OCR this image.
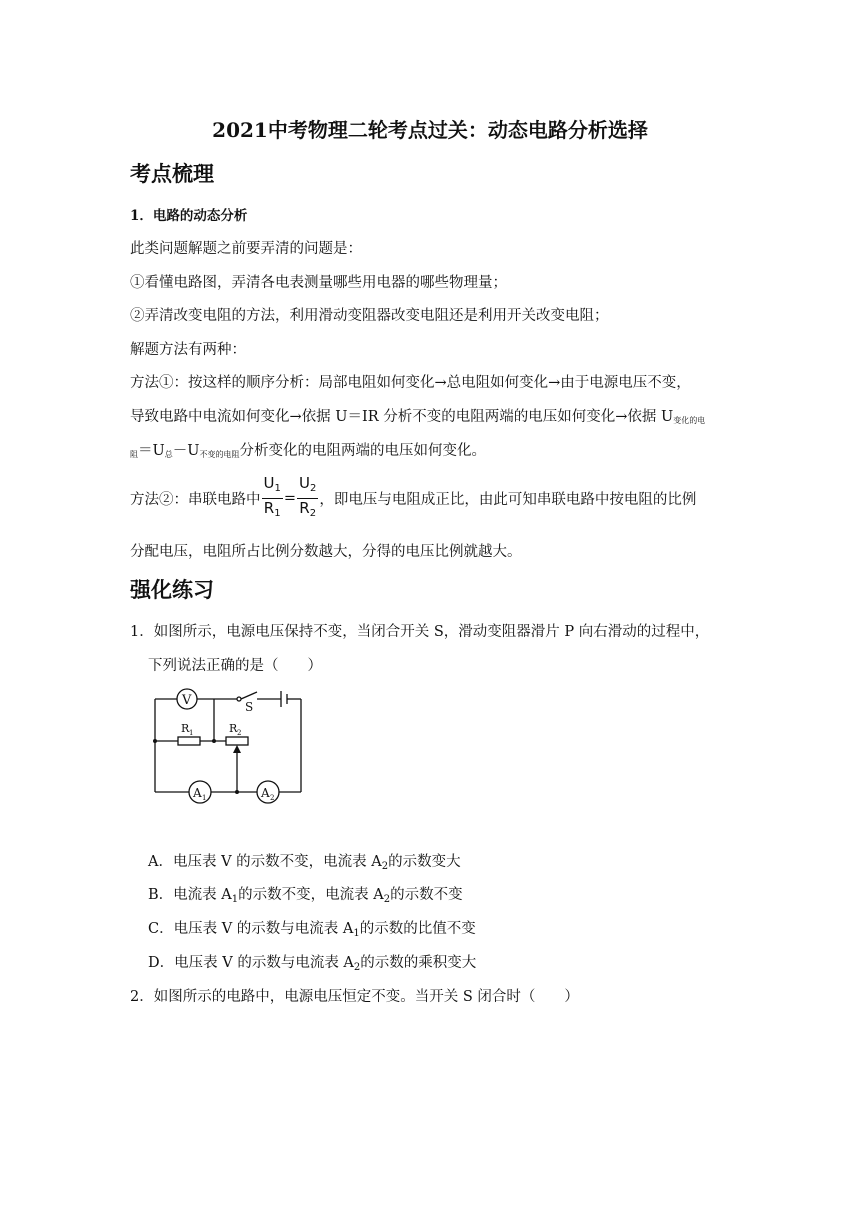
2021中考物理二轮考点过关：动态电路分析选择
考点梳理
1．电路的动态分析
此类问题解题之前要弄清的问题是：
①看懂电路图，弄清各电表测量哪些用电器的哪些物理量；
②弄清改变电阻的方法，利用滑动变阻器改变电阻还是利用开关改变电阻；
解题方法有两种：
方法①：按这样的顺序分析：局部电阻如何变化→总电阻如何变化→由于电源电压不变，
导致电路中电流如何变化→依据 U＝IR 分析不变的电阻两端的电压如何变化→依据 U变化的电
阻＝U总－U不变的电阻分析变化的电阻两端的电压如何变化。
方法②：串联电路中 $\frac{U_1}{R_1} = \frac{U_2}{R_2}$ ，即电压与电阻成正比，由此可知串联电路中按电阻的比例
分配电压，电阻所占比例分数越大，分得的电压比例就越大。
强化练习
1．如图所示，电源电压保持不变，当闭合开关 S，滑动变阻器滑片 P 向右滑动的过程中，
下列说法正确的是（　　）
V	S
R 1	R 2
A 1	A 2
A．电压表 V 的示数不变，电流表 $A_2$的示数变大
B．电流表 $A_1$的示数不变，电流表 $A_2$的示数不变
C．电压表 V 的示数与电流表 $A_1$的示数的比值不变
D．电压表 V 的示数与电流表 $A_2$的示数的乘积变大
2．如图所示的电路中，电源电压恒定不变。当开关 S 闭合时（　　）
